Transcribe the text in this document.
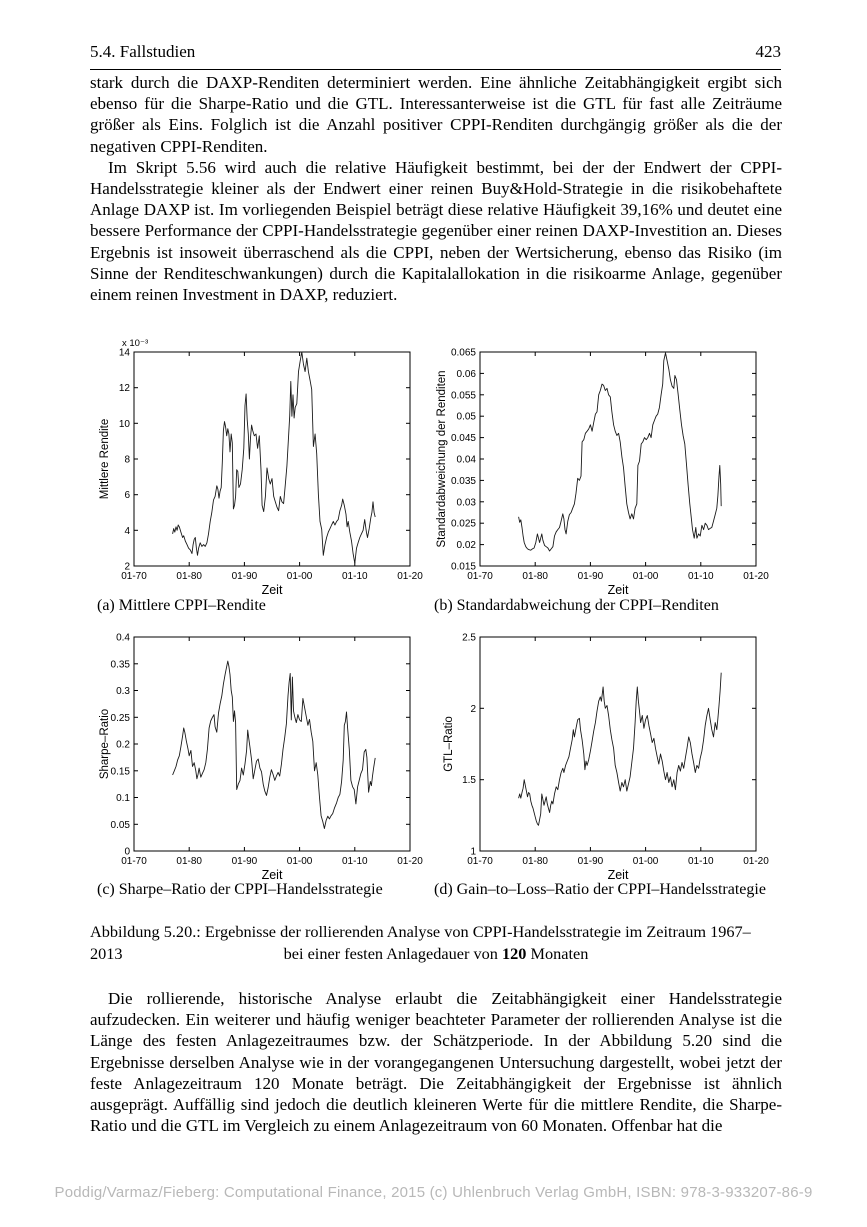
5.4. Fallstudien	423

stark durch die DAXP-Renditen determiniert werden. Eine ähnliche Zeitabhängigkeit ergibt sich ebenso für die Sharpe-Ratio und die GTL. Interessanterweise ist die GTL für fast alle Zeiträume größer als Eins. Folglich ist die Anzahl positiver CPPI-Renditen durchgängig größer als die der negativen CPPI-Renditen.

Im Skript 5.56 wird auch die relative Häufigkeit bestimmt, bei der der Endwert der CPPI-Handelsstrategie kleiner als der Endwert einer reinen Buy&Hold-Strategie in die risikobehaftete Anlage DAXP ist. Im vorliegenden Beispiel beträgt diese relative Häufigkeit 39,16% und deutet eine bessere Performance der CPPI-Handelsstrategie gegenüber einer reinen DAXP-Investition an. Dieses Ergebnis ist insoweit überraschend als die CPPI, neben der Wertsicherung, ebenso das Risiko (im Sinne der Renditeschwankungen) durch die Kapitalallokation in die risikoarme Anlage, gegenüber einem reinen Investment in DAXP, reduziert.

2
4
6
8
10
12
14
01-70	01-80	01-90	01-00	01-10	01-20
x 10⁻³
Mittlere Rendite
Zeit
0.015
0.02
0.025
0.03
0.035
0.04
0.045
0.05
0.055
0.06
0.065
01-70	01-80	01-90	01-00	01-10	01-20
Standardabweichung der Renditen
Zeit
0
0.05
0.1
0.15
0.2
0.25
0.3
0.35
0.4
01-70	01-80	01-90	01-00	01-10	01-20
Sharpe–Ratio
Zeit
1
1.5
2
2.5
01-70	01-80	01-90	01-00	01-10	01-20
GTL–Ratio
Zeit
(a) Mittlere CPPI–Rendite	(b) Standardabweichung der CPPI–Renditen
(c) Sharpe–Ratio der CPPI–Handelsstrategie	(d) Gain–to–Loss–Ratio der CPPI–Handelsstrategie
Abbildung 5.20.: Ergebnisse der rollierenden Analyse von CPPI-Handelsstrategie im Zeitraum 1967–2013	bei einer festen Anlagedauer von 120 Monaten

Die rollierende, historische Analyse erlaubt die Zeitabhängigkeit einer Handelsstrategie aufzudecken. Ein weiterer und häufig weniger beachteter Parameter der rollierenden Analyse ist die Länge des festen Anlagezeitraumes bzw. der Schätzperiode. In der Abbildung 5.20 sind die Ergebnisse derselben Analyse wie in der vorangegangenen Untersuchung dargestellt, wobei jetzt der feste Anlagezeitraum 120 Monate beträgt. Die Zeitabhängigkeit der Ergebnisse ist ähnlich ausgeprägt. Auffällig sind jedoch die deutlich kleineren Werte für die mittlere Rendite, die Sharpe-Ratio und die GTL im Vergleich zu einem Anlagezeitraum von 60 Monaten. Offenbar hat die

Poddig/Varmaz/Fieberg: Computational Finance, 2015 (c) Uhlenbruch Verlag GmbH, ISBN: 978-3-933207-86-9
